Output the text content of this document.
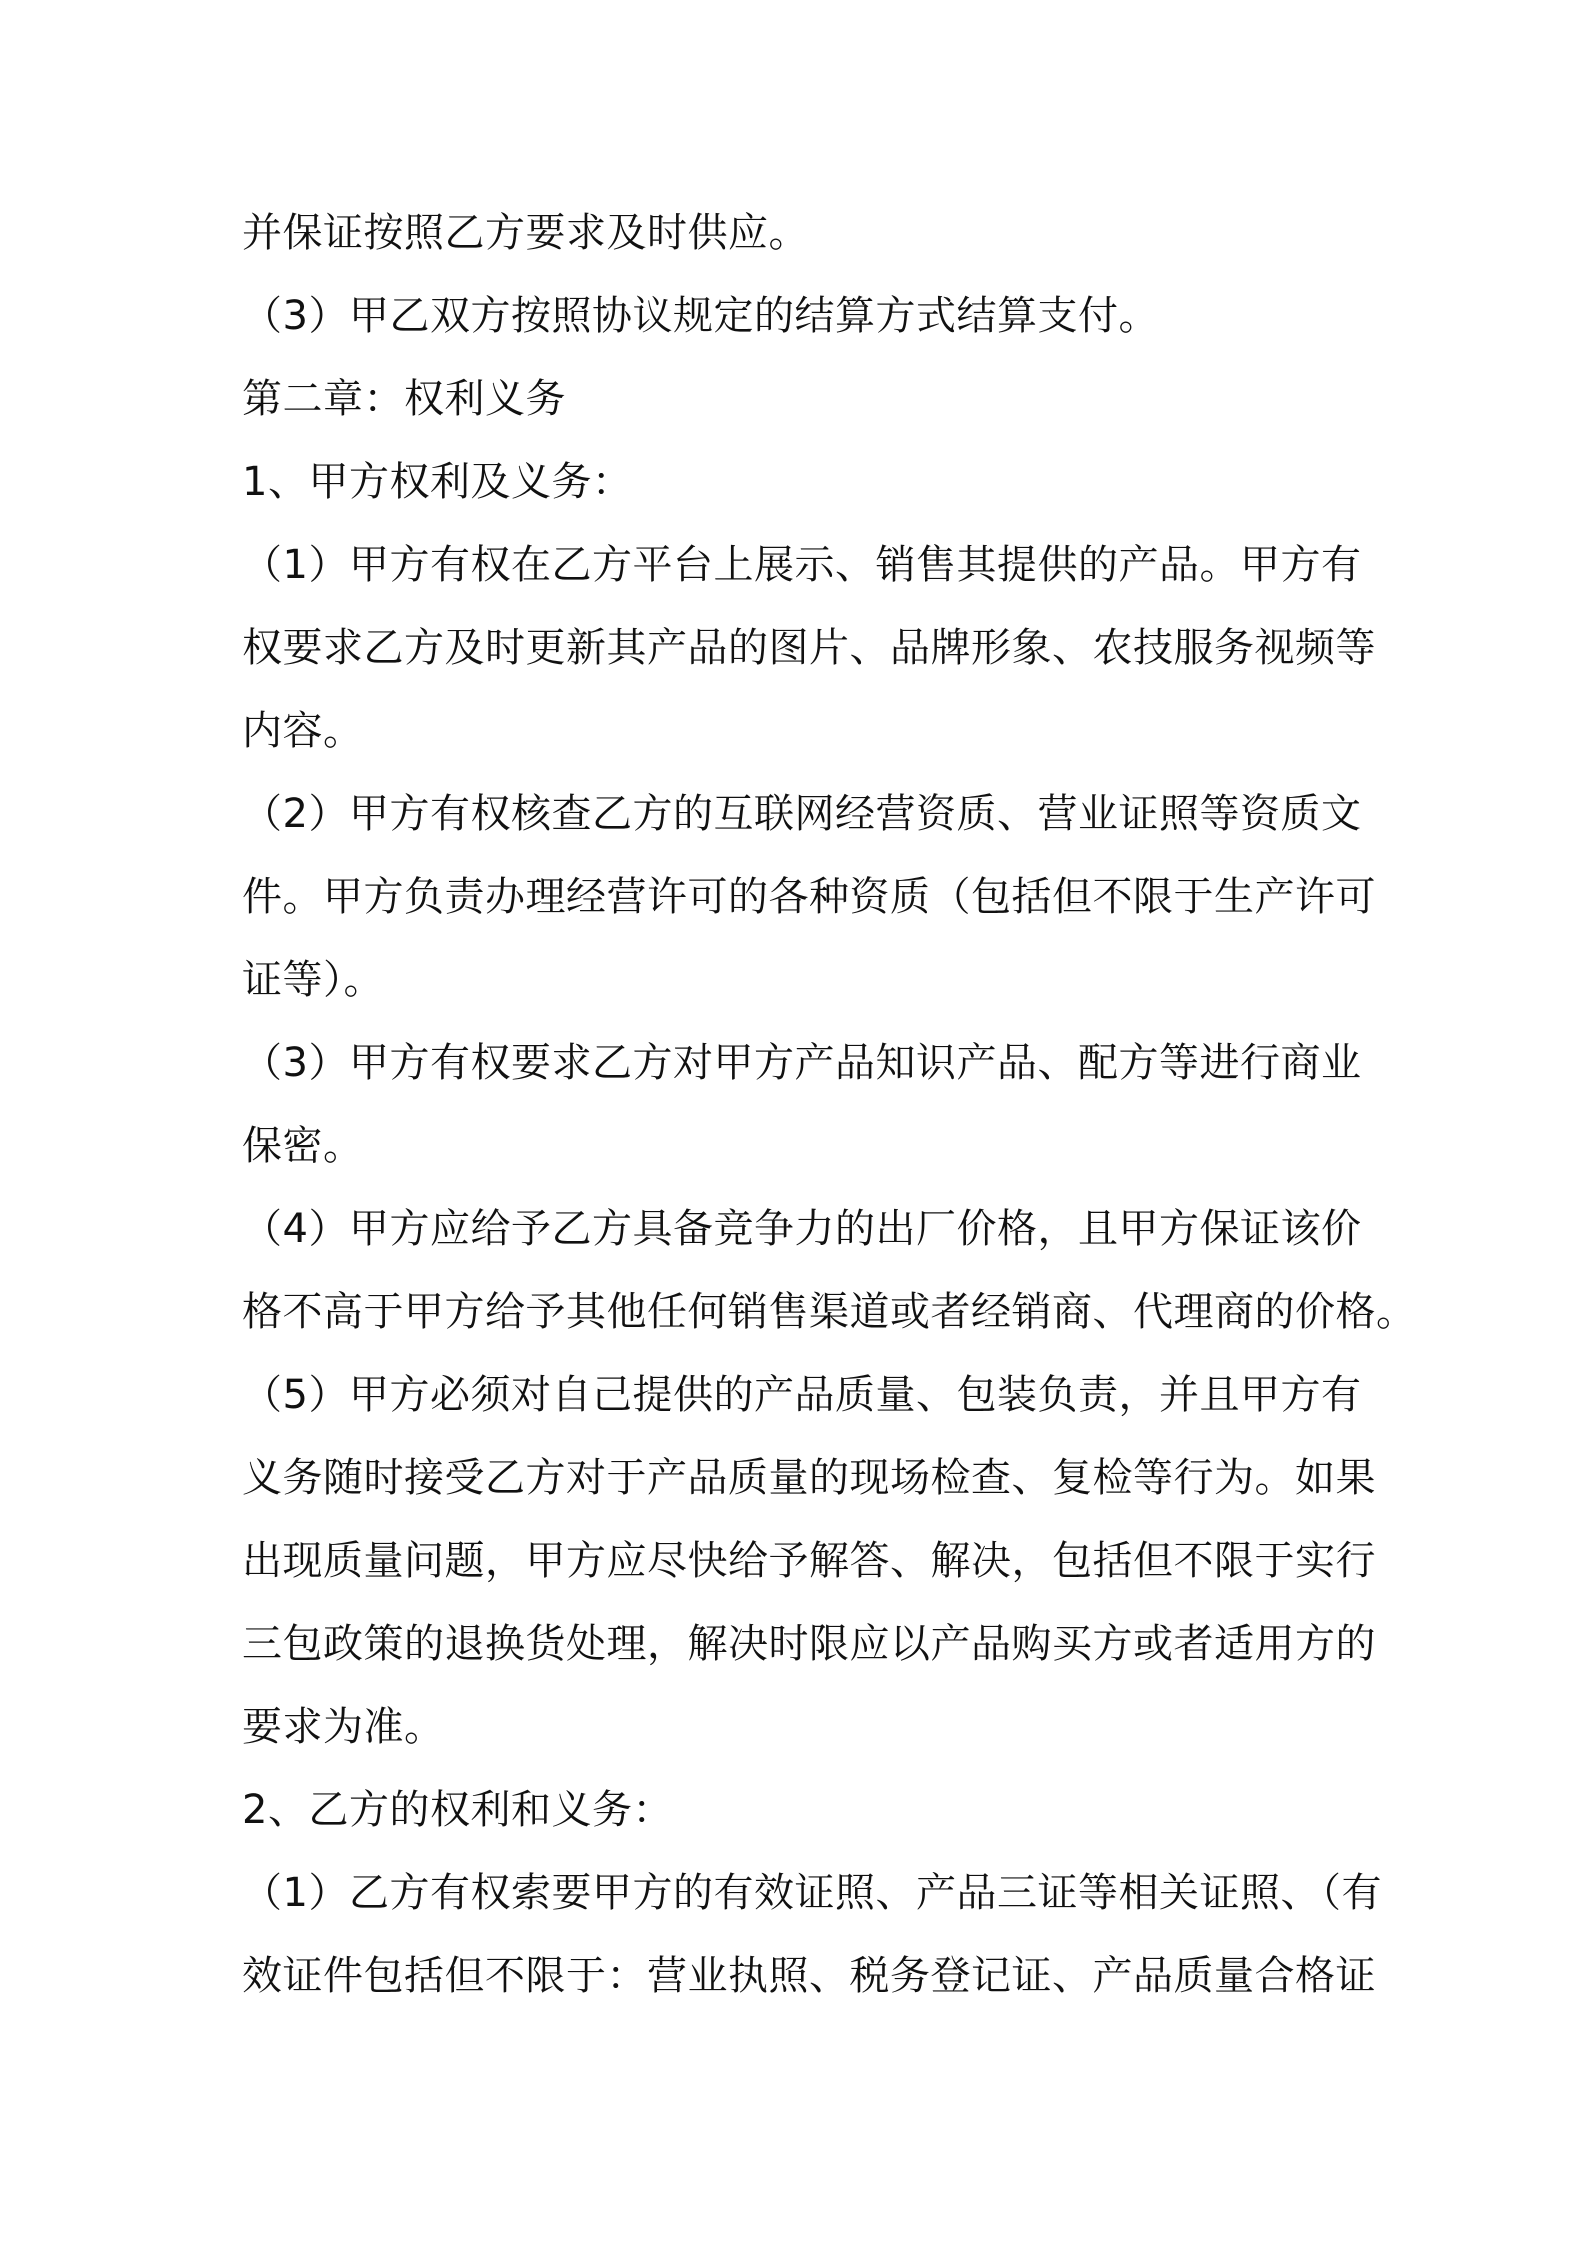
并保证按照乙方要求及时供应。
（3）甲乙双方按照协议规定的结算方式结算支付。
第二章：权利义务
1、甲方权利及义务：
（1）甲方有权在乙方平台上展示、销售其提供的产品。甲方有
权要求乙方及时更新其产品的图片、品牌形象、农技服务视频等
内容。
（2）甲方有权核查乙方的互联网经营资质、营业证照等资质文
件。甲方负责办理经营许可的各种资质（包括但不限于生产许可
证等）。
（3）甲方有权要求乙方对甲方产品知识产品、配方等进行商业
保密。
（4）甲方应给予乙方具备竞争力的出厂价格，且甲方保证该价
格不高于甲方给予其他任何销售渠道或者经销商、代理商的价格。
（5）甲方必须对自己提供的产品质量、包装负责，并且甲方有
义务随时接受乙方对于产品质量的现场检查、复检等行为。如果
出现质量问题，甲方应尽快给予解答、解决，包括但不限于实行
三包政策的退换货处理，解决时限应以产品购买方或者适用方的
要求为准。
2、乙方的权利和义务：
（1）乙方有权索要甲方的有效证照、产品三证等相关证照、（有
效证件包括但不限于：营业执照、税务登记证、产品质量合格证
